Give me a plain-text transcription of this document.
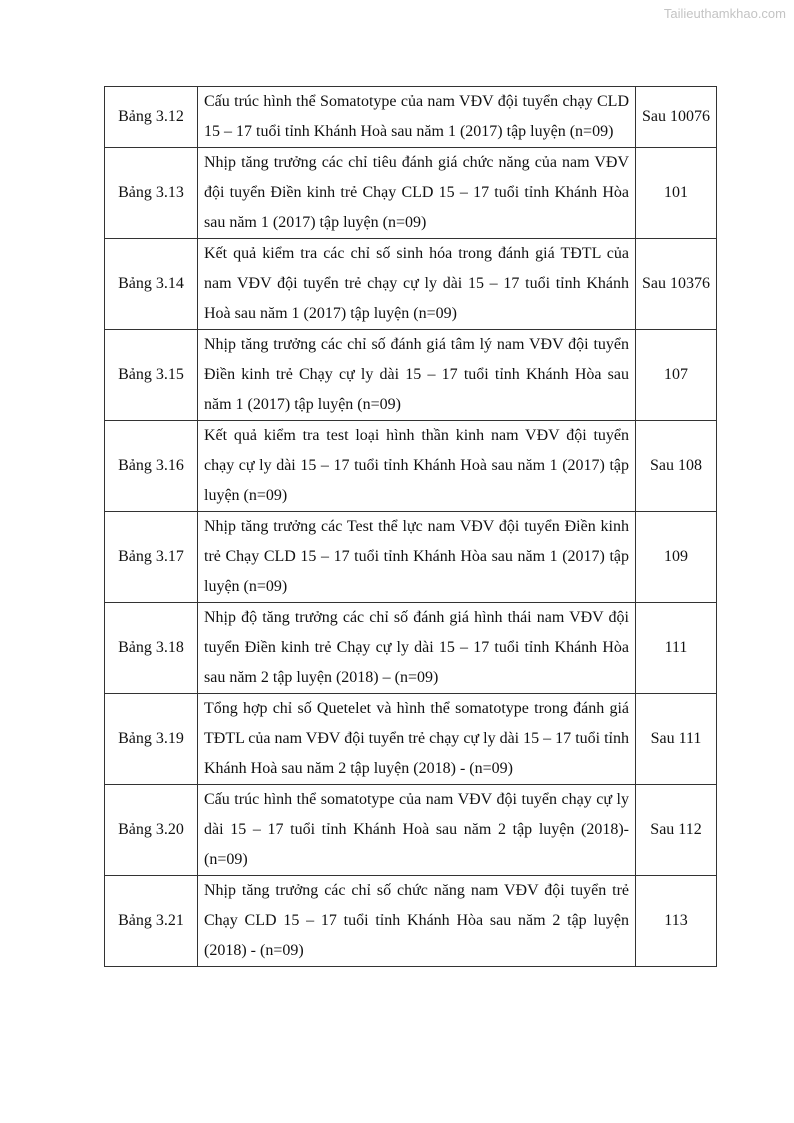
Tailieuthamkhao.com
Bảng 3.12	Cấu trúc hình thể Somatotype của nam VĐV đội tuyển chạy CLD 15 – 17 tuổi tỉnh Khánh Hoà sau năm 1 (2017) tập luyện (n=09)	Sau 10076
Bảng 3.13	Nhịp tăng trưởng các chỉ tiêu đánh giá chức năng của nam VĐV đội tuyển Điền kinh trẻ Chạy CLD 15 – 17 tuổi tỉnh Khánh Hòa sau năm 1 (2017) tập luyện (n=09)	101
Bảng 3.14	Kết quả kiểm tra các chỉ số sinh hóa trong đánh giá TĐTL của nam VĐV đội tuyển trẻ chạy cự ly dài 15 – 17 tuổi tỉnh Khánh Hoà sau năm 1 (2017) tập luyện (n=09)	Sau 10376
Bảng 3.15	Nhịp tăng trưởng các chỉ số đánh giá tâm lý nam VĐV đội tuyển Điền kinh trẻ Chạy cự ly dài 15 – 17 tuổi tỉnh Khánh Hòa sau năm 1 (2017) tập luyện (n=09)	107
Bảng 3.16	Kết quả kiểm tra test loại hình thần kinh nam VĐV đội tuyển chạy cự ly dài 15 – 17 tuổi tỉnh Khánh Hoà sau năm 1 (2017) tập luyện (n=09)	Sau 108
Bảng 3.17	Nhịp tăng trưởng các Test thể lực nam VĐV đội tuyển Điền kinh trẻ Chạy CLD 15 – 17 tuổi tỉnh Khánh Hòa sau năm 1 (2017) tập luyện (n=09)	109
Bảng 3.18	Nhịp độ tăng trưởng các chỉ số đánh giá hình thái nam VĐV đội tuyển Điền kinh trẻ Chạy cự ly dài 15 – 17 tuổi tỉnh Khánh Hòa sau năm 2 tập luyện (2018) – (n=09)	111
Bảng 3.19	Tổng hợp chỉ số Quetelet và hình thể somatotype trong đánh giá TĐTL của nam VĐV đội tuyển trẻ chạy cự ly dài 15 – 17 tuổi tỉnh Khánh Hoà sau năm 2 tập luyện (2018) - (n=09)	Sau 111
Bảng 3.20	Cấu trúc hình thể somatotype của nam VĐV đội tuyển chạy cự ly dài 15 – 17 tuổi tỉnh Khánh Hoà sau năm 2 tập luyện (2018)-(n=09)	Sau 112
Bảng 3.21	Nhịp tăng trưởng các chỉ số chức năng nam VĐV đội tuyển trẻ Chạy CLD 15 – 17 tuổi tỉnh Khánh Hòa sau năm 2 tập luyện (2018) - (n=09)	113
